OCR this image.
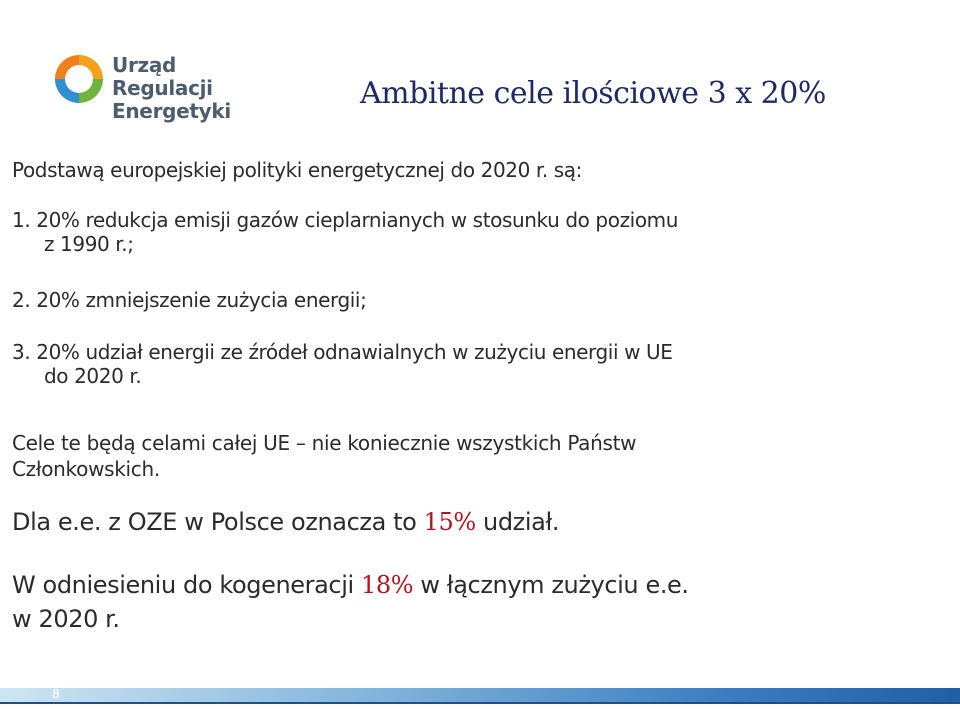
Urząd Regulacji
Energetyki	Ambitne cele ilościowe 3 x 20%
Podstawą europejskiej polityki energetycznej do 2020 r. są:
1. 20% redukcja emisji gazów cieplarnianych w stosunku do poziomu
z 1990 r.;
2. 20% zmniejszenie zużycia energii;
3. 20% udział energii ze źródeł odnawialnych w zużyciu energii w UE
do 2020 r.
Cele te będą celami całej UE – nie koniecznie wszystkich Państw
Członkowskich.
Dla e.e. z OZE w Polsce oznacza to 15% udział.
W odniesieniu do kogeneracji 18% w łącznym zużyciu e.e.
w 2020 r.
8
